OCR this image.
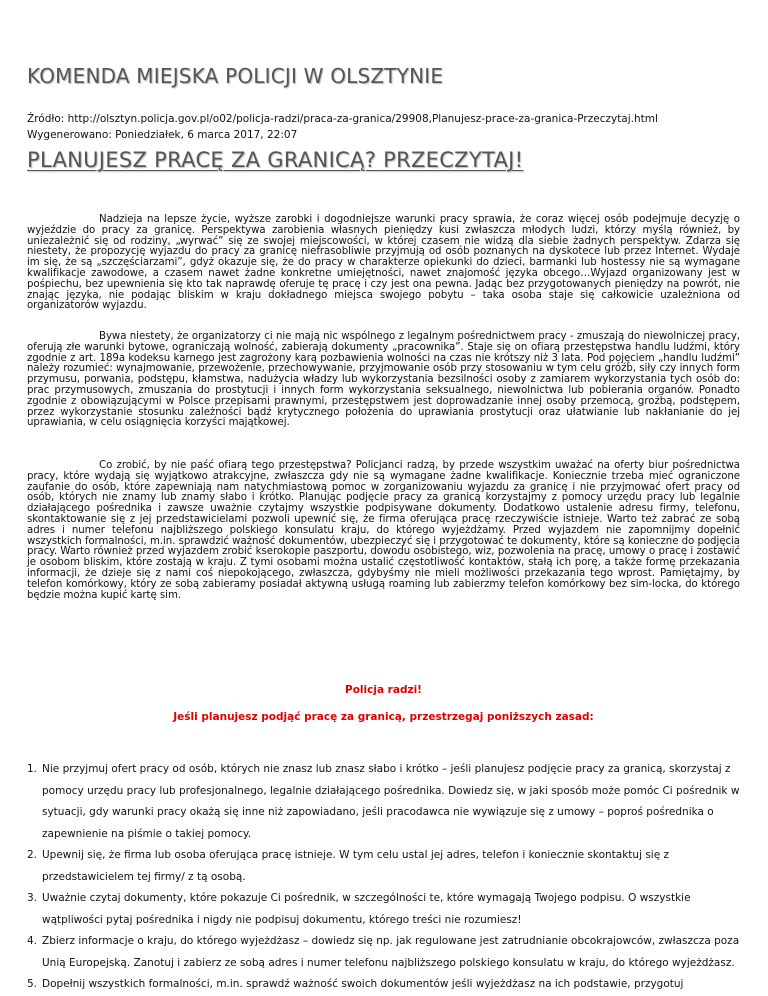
KOMENDA MIEJSKA POLICJI W OLSZTYNIE
Źródło: http://olsztyn.policja.gov.pl/o02/policja-radzi/praca-za-granica/29908,Planujesz-prace-za-granica-Przeczytaj.html
Wygenerowano: Poniedziałek, 6 marca 2017, 22:07
PLANUJESZ PRACĘ ZA GRANICĄ? PRZECZYTAJ!

Nadzieja na lepsze życie, wyższe zarobki i dogodniejsze warunki pracy sprawia, że coraz więcej osób podejmuje decyzję o wyjeździe do pracy za granicę. Perspektywa zarobienia własnych pieniędzy kusi zwłaszcza młodych ludzi, którzy myślą również, by uniezależnić się od rodziny, „wyrwać” się ze swojej miejscowości, w której czasem nie widzą dla siebie żadnych perspektyw. Zdarza się niestety, że propozycję wyjazdu do pracy za granicę niefrasobliwie przyjmują od osób poznanych na dyskotece lub przez Internet. Wydaje im się, że są „szczęściarzami”, gdyż okazuje się, że do pracy w charakterze opiekunki do dzieci, barmanki lub hostessy nie są wymagane kwalifikacje zawodowe, a czasem nawet żadne konkretne umiejętności, nawet znajomość języka obcego…Wyjazd organizowany jest w pośpiechu, bez upewnienia się kto tak naprawdę oferuje tę pracę i czy jest ona pewna. Jadąc bez przygotowanych pieniędzy na powrót, nie znając języka, nie podając bliskim w kraju dokładnego miejsca swojego pobytu – taka osoba staje się całkowicie uzależniona od organizatorów wyjazdu.

Bywa niestety, że organizatorzy ci nie mają nic wspólnego z legalnym pośrednictwem pracy - zmuszają do niewolniczej pracy, oferują złe warunki bytowe, ograniczają wolność, zabierają dokumenty „pracownika”. Staje się on ofiarą przestępstwa handlu ludźmi, który zgodnie z art. 189a kodeksu karnego jest zagrożony karą pozbawienia wolności na czas nie krótszy niż 3 lata. Pod pojęciem „handlu ludźmi” należy rozumieć: wynajmowanie, przewożenie, przechowywanie, przyjmowanie osób przy stosowaniu w tym celu gróźb, siły czy innych form przymusu, porwania, podstępu, kłamstwa, nadużycia władzy lub wykorzystania bezsilności osoby z zamiarem wykorzystania tych osób do: prac przymusowych, zmuszania do prostytucji i innych form wykorzystania seksualnego, niewolnictwa lub pobierania organów. Ponadto zgodnie z obowiązującymi w Polsce przepisami prawnymi, przestępstwem jest doprowadzanie innej osoby przemocą, groźbą, podstępem, przez wykorzystanie stosunku zależności bądź krytycznego położenia do uprawiania prostytucji oraz ułatwianie lub nakłanianie do jej uprawiania, w celu osiągnięcia korzyści majątkowej.

Co zrobić, by nie paść ofiarą tego przestępstwa? Policjanci radzą, by przede wszystkim uważać na oferty biur pośrednictwa pracy, które wydają się wyjątkowo atrakcyjne, zwłaszcza gdy nie są wymagane żadne kwalifikacje. Koniecznie trzeba mieć ograniczone zaufanie do osób, które zapewniają nam natychmiastową pomoc w zorganizowaniu wyjazdu za granicę i nie przyjmować ofert pracy od osób, których nie znamy lub znamy słabo i krótko. Planując podjęcie pracy za granicą korzystajmy z pomocy urzędu pracy lub legalnie działającego pośrednika i zawsze uważnie czytajmy wszystkie podpisywane dokumenty. Dodatkowo ustalenie adresu firmy, telefonu, skontaktowanie się z jej przedstawicielami pozwoli upewnić się, że firma oferująca pracę rzeczywiście istnieje. Warto też zabrać ze sobą adres i numer telefonu najbliższego polskiego konsulatu kraju, do którego wyjeżdżamy. Przed wyjazdem nie zapomnijmy dopełnić wszystkich formalności, m.in. sprawdzić ważność dokumentów, ubezpieczyć się i przygotować te dokumenty, które są konieczne do podjęcia pracy. Warto również przed wyjazdem zrobić kserokopie paszportu, dowodu osobistego, wiz, pozwolenia na pracę, umowy o pracę i zostawić je osobom bliskim, które zostają w kraju. Z tymi osobami można ustalić częstotliwość kontaktów, stałą ich porę, a także formę przekazania informacji, że dzieje się z nami coś niepokojącego, zwłaszcza, gdybyśmy nie mieli możliwości przekazania tego wprost. Pamiętajmy, by telefon komórkowy, który ze sobą zabieramy posiadał aktywną usługą roaming lub zabierzmy telefon komórkowy bez sim-locka, do którego będzie można kupić kartę sim.

Policja radzi!
Jeśli planujesz podjąć pracę za granicą, przestrzegaj poniższych zasad:
1. Nie przyjmuj ofert pracy od osób, których nie znasz lub znasz słabo i krótko – jeśli planujesz podjęcie pracy za granicą, skorzystaj z pomocy urzędu pracy lub profesjonalnego, legalnie działającego pośrednika. Dowiedz się, w jaki sposób może pomóc Ci pośrednik w sytuacji, gdy warunki pracy okażą się inne niż zapowiadano, jeśli pracodawca nie wywiązuje się z umowy – poproś pośrednika o zapewnienie na piśmie o takiej pomocy.
2. Upewnij się, że firma lub osoba oferująca pracę istnieje. W tym celu ustal jej adres, telefon i koniecznie skontaktuj się z przedstawicielem tej firmy/ z tą osobą.
3. Uważnie czytaj dokumenty, które pokazuje Ci pośrednik, w szczególności te, które wymagają Twojego podpisu. O wszystkie wątpliwości pytaj pośrednika i nigdy nie podpisuj dokumentu, którego treści nie rozumiesz!
4. Zbierz informacje o kraju, do którego wyjeżdżasz – dowiedz się np. jak regulowane jest zatrudnianie obcokrajowców, zwłaszcza poza Unią Europejską. Zanotuj i zabierz ze sobą adres i numer telefonu najbliższego polskiego konsulatu w kraju, do którego wyjeżdżasz.
5. Dopełnij wszystkich formalności, m.in. sprawdź ważność swoich dokumentów jeśli wyjeżdżasz na ich podstawie, przygotuj
